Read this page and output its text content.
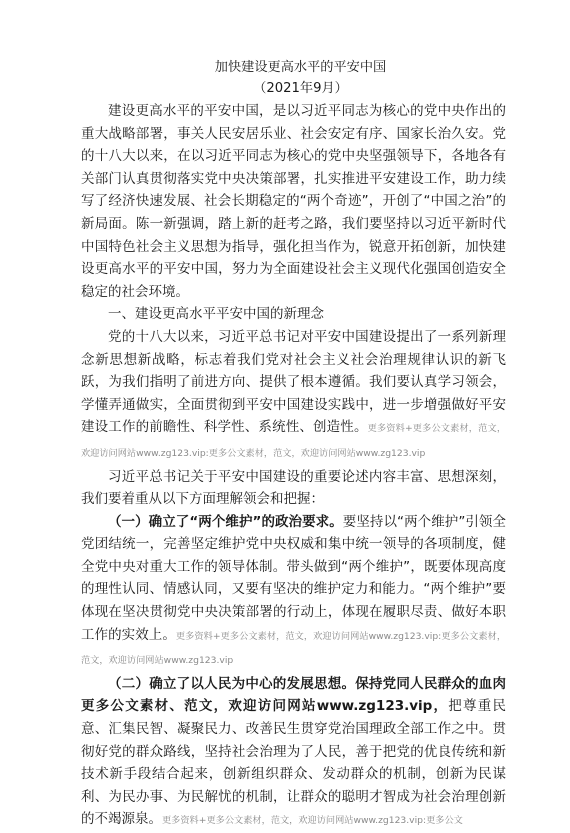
加快建设更高水平的平安中国
（2021年9月）

建设更高水平的平安中国，是以习近平同志为核心的党中央作出的重大战略部署，事关人民安居乐业、社会安定有序、国家长治久安。党的十八大以来，在以习近平同志为核心的党中央坚强领导下，各地各有关部门认真贯彻落实党中央决策部署，扎实推进平安建设工作，助力续写了经济快速发展、社会长期稳定的“两个奇迹”，开创了“中国之治”的新局面。陈一新强调，踏上新的赶考之路，我们要坚持以习近平新时代中国特色社会主义思想为指导，强化担当作为，锐意开拓创新，加快建设更高水平的平安中国，努力为全面建设社会主义现代化强国创造安全稳定的社会环境。

一、建设更高水平平安中国的新理念

党的十八大以来，习近平总书记对平安中国建设提出了一系列新理念新思想新战略，标志着我们党对社会主义社会治理规律认识的新飞跃，为我们指明了前进方向、提供了根本遵循。我们要认真学习领会，学懂弄通做实，全面贯彻到平安中国建设实践中，进一步增强做好平安建设工作的前瞻性、科学性、系统性、创造性。更多资料+更多公文素材，范文，欢迎访问网站www.zg123.vip:更多公文素材，范文，欢迎访问网站www.zg123.vip

习近平总书记关于平安中国建设的重要论述内容丰富、思想深刻，我们要着重从以下方面理解领会和把握：

（一）确立了“两个维护”的政治要求。要坚持以“两个维护”引领全党团结统一，完善坚定维护党中央权威和集中统一领导的各项制度，健全党中央对重大工作的领导体制。带头做到“两个维护”，既要体现高度的理性认同、情感认同，又要有坚决的维护定力和能力。“两个维护”要体现在坚决贯彻党中央决策部署的行动上，体现在履职尽责、做好本职工作的实效上。更多资料+更多公文素材，范文，欢迎访问网站www.zg123.vip:更多公文素材，范文，欢迎访问网站www.zg123.vip

（二）确立了以人民为中心的发展思想。保持党同人民群众的血肉更多公文素材、范文，欢迎访问网站www.zg123.vip，把尊重民意、汇集民智、凝聚民力、改善民生贯穿党治国理政全部工作之中。贯彻好党的群众路线，坚持社会治理为了人民，善于把党的优良传统和新技术新手段结合起来，创新组织群众、发动群众的机制，创新为民谋利、为民办事、为民解忧的机制，让群众的聪明才智成为社会治理创新的不竭源泉。更多资料+更多公文素材，范文，欢迎访问网站www.zg123.vip:更多公文
